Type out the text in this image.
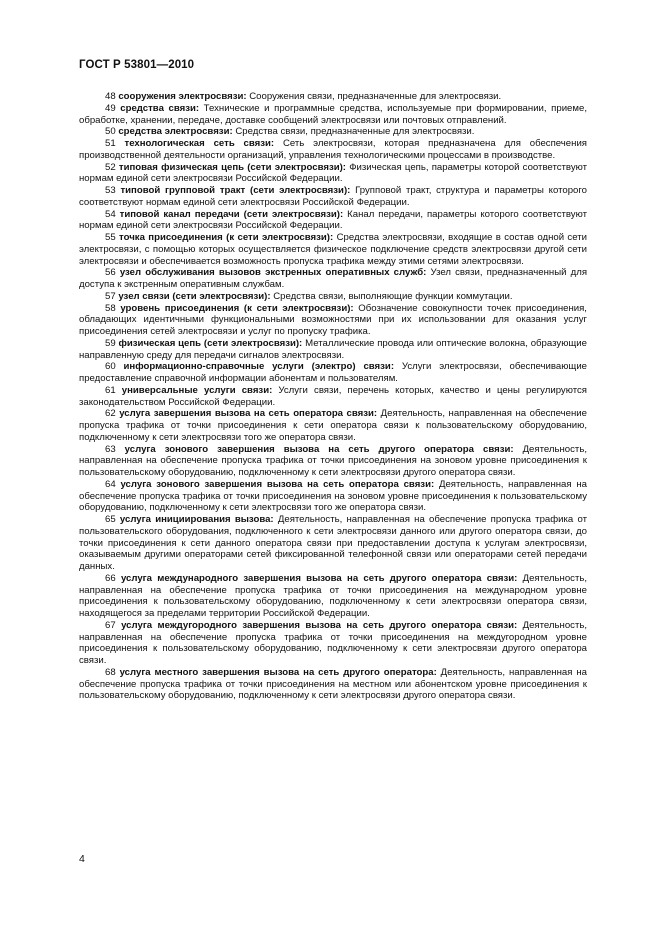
ГОСТ Р 53801—2010

48 сооружения электросвязи: Сооружения связи, предназначенные для электросвязи.

49 средства связи: Технические и программные средства, используемые при формировании, приеме, обработке, хранении, передаче, доставке сообщений электросвязи или почтовых отправлений.

50 средства электросвязи: Средства связи, предназначенные для электросвязи.

51 технологическая сеть связи: Сеть электросвязи, которая предназначена для обеспечения производственной деятельности организаций, управления технологическими процессами в производстве.

52 типовая физическая цепь (сети электросвязи): Физическая цепь, параметры которой соответствуют нормам единой сети электросвязи Российской Федерации.

53 типовой групповой тракт (сети электросвязи): Групповой тракт, структура и параметры которого соответствуют нормам единой сети электросвязи Российской Федерации.

54 типовой канал передачи (сети электросвязи): Канал передачи, параметры которого соответствуют нормам единой сети электросвязи Российской Федерации.

55 точка присоединения (к сети электросвязи): Средства электросвязи, входящие в состав одной сети электросвязи, с помощью которых осуществляется физическое подключение средств электросвязи другой сети электросвязи и обеспечивается возможность пропуска трафика между этими сетями электросвязи.

56 узел обслуживания вызовов экстренных оперативных служб: Узел связи, предназначенный для доступа к экстренным оперативным службам.

57 узел связи (сети электросвязи): Средства связи, выполняющие функции коммутации.

58 уровень присоединения (к сети электросвязи): Обозначение совокупности точек присоединения, обладающих идентичными функциональными возможностями при их использовании для оказания услуг присоединения сетей электросвязи и услуг по пропуску трафика.

59 физическая цепь (сети электросвязи): Металлические провода или оптические волокна, образующие направленную среду для передачи сигналов электросвязи.

60 информационно-справочные услуги (электро) связи: Услуги электросвязи, обеспечивающие предоставление справочной информации абонентам и пользователям.

61 универсальные услуги связи: Услуги связи, перечень которых, качество и цены регулируются законодательством Российской Федерации.

62 услуга завершения вызова на сеть оператора связи: Деятельность, направленная на обеспечение пропуска трафика от точки присоединения к сети оператора связи к пользовательскому оборудованию, подключенному к сети электросвязи того же оператора связи.

63 услуга зонового завершения вызова на сеть другого оператора связи: Деятельность, направленная на обеспечение пропуска трафика от точки присоединения на зоновом уровне присоединения к пользовательскому оборудованию, подключенному к сети электросвязи другого оператора связи.

64 услуга зонового завершения вызова на сеть оператора связи: Деятельность, направленная на обеспечение пропуска трафика от точки присоединения на зоновом уровне присоединения к пользовательскому оборудованию, подключенному к сети электросвязи того же оператора связи.

65 услуга инициирования вызова: Деятельность, направленная на обеспечение пропуска трафика от пользовательского оборудования, подключенного к сети электросвязи данного или другого оператора связи, до точки присоединения к сети данного оператора связи при предоставлении доступа к услугам электросвязи, оказываемым другими операторами сетей фиксированной телефонной связи или операторами сетей передачи данных.

66 услуга международного завершения вызова на сеть другого оператора связи: Деятельность, направленная на обеспечение пропуска трафика от точки присоединения на международном уровне присоединения к пользовательскому оборудованию, подключенному к сети электросвязи оператора связи, находящегося за пределами территории Российской Федерации.

67 услуга междугородного завершения вызова на сеть другого оператора связи: Деятельность, направленная на обеспечение пропуска трафика от точки присоединения на междугородном уровне присоединения к пользовательскому оборудованию, подключенному к сети электросвязи другого оператора связи.

68 услуга местного завершения вызова на сеть другого оператора: Деятельность, направленная на обеспечение пропуска трафика от точки присоединения на местном или абонентском уровне присоединения к пользовательскому оборудованию, подключенному к сети электросвязи другого оператора связи.

4
